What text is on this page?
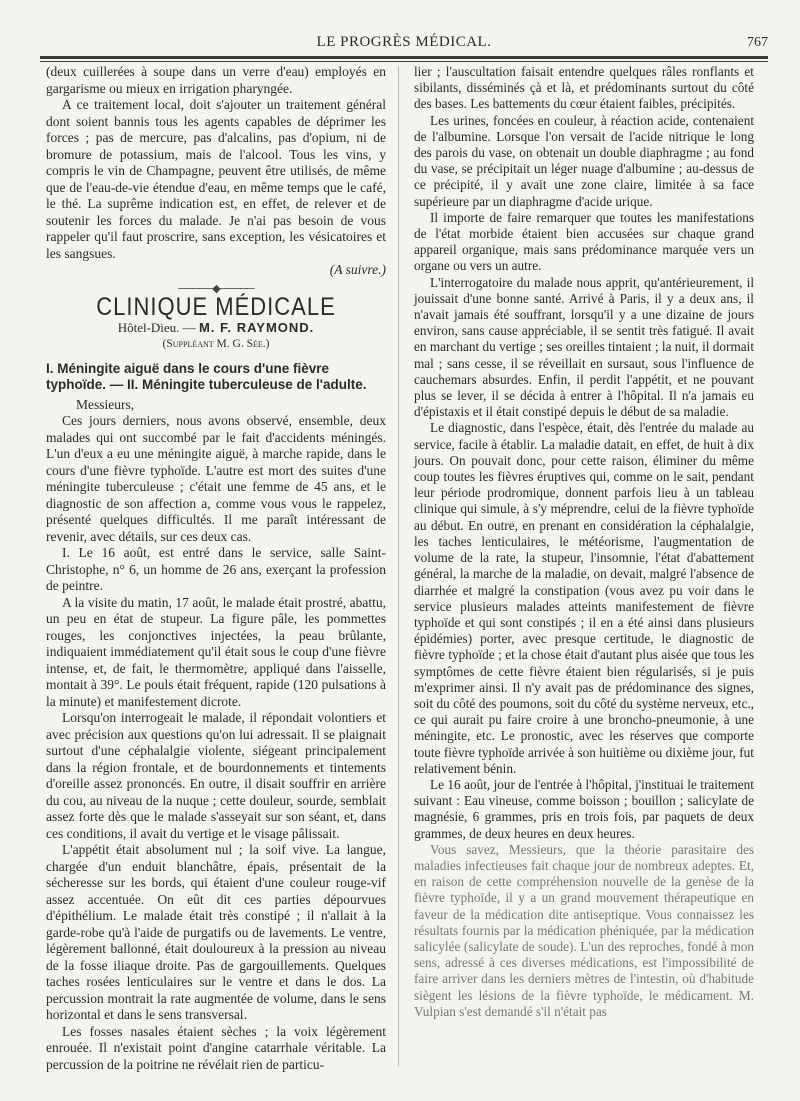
LE PROGRÈS MÉDICAL.	767

(deux cuillerées à soupe dans un verre d'eau) employés en gargarisme ou mieux en irrigation pharyngée.

A ce traitement local, doit s'ajouter un traitement général dont soient bannis tous les agents capables de déprimer les forces ; pas de mercure, pas d'alcalins, pas d'opium, ni de bromure de potassium, mais de l'alcool. Tous les vins, y compris le vin de Champagne, peuvent être utilisés, de même que de l'eau-de-vie étendue d'eau, en même temps que le café, le thé. La suprême indication est, en effet, de relever et de soutenir les forces du malade. Je n'ai pas besoin de vous rappeler qu'il faut proscrire, sans exception, les vésicatoires et les sangsues.

(A suivre.)
─────◆─────
CLINIQUE MÉDICALE
Hôtel-Dieu. — M. F. RAYMOND.
(Suppléant M. G. Sée.)
I. Méningite aiguë dans le cours d'une fièvre typhoïde. — II. Méningite tuberculeuse de l'adulte.

Messieurs,

Ces jours derniers, nous avons observé, ensemble, deux malades qui ont succombé par le fait d'accidents méningés. L'un d'eux a eu une méningite aiguë, à marche rapide, dans le cours d'une fièvre typhoïde. L'autre est mort des suites d'une méningite tuberculeuse ; c'était une femme de 45 ans, et le diagnostic de son affection a, comme vous vous le rappelez, présenté quelques difficultés. Il me paraît intéressant de revenir, avec détails, sur ces deux cas.

I. Le 16 août, est entré dans le service, salle Saint-Christophe, n° 6, un homme de 26 ans, exerçant la profession de peintre.

A la visite du matin, 17 août, le malade était prostré, abattu, un peu en état de stupeur. La figure pâle, les pommettes rouges, les conjonctives injectées, la peau brûlante, indiquaient immédiatement qu'il était sous le coup d'une fièvre intense, et, de fait, le thermomètre, appliqué dans l'aisselle, montait à 39°. Le pouls était fréquent, rapide (120 pulsations à la minute) et manifestement dicrote.

Lorsqu'on interrogeait le malade, il répondait volontiers et avec précision aux questions qu'on lui adressait. Il se plaignait surtout d'une céphalalgie violente, siégeant principalement dans la région frontale, et de bourdonnements et tintements d'oreille assez prononcés. En outre, il disait souffrir en arrière du cou, au niveau de la nuque ; cette douleur, sourde, semblait assez forte dès que le malade s'asseyait sur son séant, et, dans ces conditions, il avait du vertige et le visage pâlissait.

L'appétit était absolument nul ; la soif vive. La langue, chargée d'un enduit blanchâtre, épais, présentait de la sécheresse sur les bords, qui étaient d'une couleur rouge-vif assez accentuée. On eût dit ces parties dépourvues d'épithélium. Le malade était très constipé ; il n'allait à la garde-robe qu'à l'aide de purgatifs ou de lavements. Le ventre, légèrement ballonné, était douloureux à la pression au niveau de la fosse iliaque droite. Pas de gargouillements. Quelques taches rosées lenticulaires sur le ventre et dans le dos. La percussion montrait la rate augmentée de volume, dans le sens horizontal et dans le sens transversal.

Les fosses nasales étaient sèches ; la voix légèrement enrouée. Il n'existait point d'angine catarrhale véritable. La percussion de la poitrine ne révélait rien de particu-

lier ; l'auscultation faisait entendre quelques râles ronflants et sibilants, disséminés çà et là, et prédominants surtout du côté des bases. Les battements du cœur étaient faibles, précipités.

Les urines, foncées en couleur, à réaction acide, contenaient de l'albumine. Lorsque l'on versait de l'acide nitrique le long des parois du vase, on obtenait un double diaphragme ; au fond du vase, se précipitait un léger nuage d'albumine ; au-dessus de ce précipité, il y avait une zone claire, limitée à sa face supérieure par un diaphragme d'acide urique.

Il importe de faire remarquer que toutes les manifestations de l'état morbide étaient bien accusées sur chaque grand appareil organique, mais sans prédominance marquée vers un organe ou vers un autre.

L'interrogatoire du malade nous apprit, qu'antérieurement, il jouissait d'une bonne santé. Arrivé à Paris, il y a deux ans, il n'avait jamais été souffrant, lorsqu'il y a une dizaine de jours environ, sans cause appréciable, il se sentit très fatigué. Il avait en marchant du vertige ; ses oreilles tintaient ; la nuit, il dormait mal ; sans cesse, il se réveillait en sursaut, sous l'influence de cauchemars absurdes. Enfin, il perdit l'appétit, et ne pouvant plus se lever, il se décida à entrer à l'hôpital. Il n'a jamais eu d'épistaxis et il était constipé depuis le début de sa maladie.

Le diagnostic, dans l'espèce, était, dès l'entrée du malade au service, facile à établir. La maladie datait, en effet, de huit à dix jours. On pouvait donc, pour cette raison, éliminer du même coup toutes les fièvres éruptives qui, comme on le sait, pendant leur période prodromique, donnent parfois lieu à un tableau clinique qui simule, à s'y méprendre, celui de la fièvre typhoïde au début. En outre, en prenant en considération la céphalalgie, les taches lenticulaires, le météorisme, l'augmentation de volume de la rate, la stupeur, l'insomnie, l'état d'abattement général, la marche de la maladie, on devait, malgré l'absence de diarrhée et malgré la constipation (vous avez pu voir dans le service plusieurs malades atteints manifestement de fièvre typhoïde et qui sont constipés ; il en a été ainsi dans plusieurs épidémies) porter, avec presque certitude, le diagnostic de fièvre typhoïde ; et la chose était d'autant plus aisée que tous les symptômes de cette fièvre étaient bien régularisés, si je puis m'exprimer ainsi. Il n'y avait pas de prédominance des signes, soit du côté des poumons, soit du côté du système nerveux, etc., ce qui aurait pu faire croire à une broncho-pneumonie, à une méningite, etc. Le pronostic, avec les réserves que comporte toute fièvre typhoïde arrivée à son huitième ou dixième jour, fut relativement bénin.

Le 16 août, jour de l'entrée à l'hôpital, j'instituai le traitement suivant : Eau vineuse, comme boisson ; bouillon ; salicylate de magnésie, 6 grammes, pris en trois fois, par paquets de deux grammes, de deux heures en deux heures.

Vous savez, Messieurs, que la théorie parasitaire des maladies infectieuses fait chaque jour de nombreux adeptes. Et, en raison de cette compréhension nouvelle de la genèse de la fièvre typhoïde, il y a un grand mouvement thérapeutique en faveur de la médication dite antiseptique. Vous connaissez les résultats fournis par la médication phéniquée, par la médication salicylée (salicylate de soude). L'un des reproches, fondé à mon sens, adressé à ces diverses médications, est l'impossibilité de faire arriver dans les derniers mètres de l'intestin, où d'habitude siègent les lésions de la fièvre typhoïde, le médicament. M. Vulpian s'est demandé s'il n'était pas
